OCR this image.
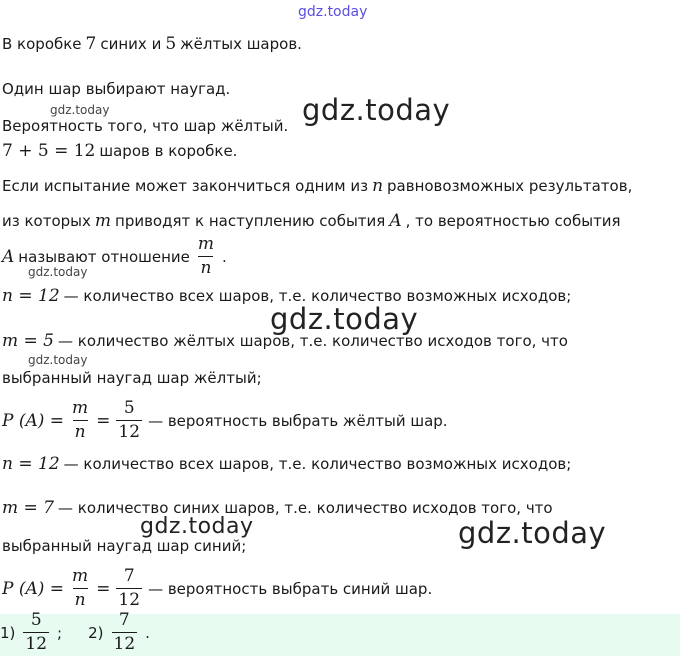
gdz.today
gdz.today	gdz.today
gdz.today
gdz.today
gdz.today
gdz.today	gdz.today
В коробке 7 синих и 5 жёлтых шаров.
Один шар выбирают наугад.
Вероятность того, что шар жёлтый.
7 + 5 = 12 шаров в коробке.
Если испытание может закончиться одним из n равновозможных результатов,
из которых m приводят к наступлению события A , то вероятностью события
A называют отношение $\frac{m}{n}$ .
n = 12 — количество всех шаров, т.е. количество возможных исходов;
m = 5 — количество жёлтых шаров, т.е. количество исходов того, что
выбранный наугад шар жёлтый;
P $(A) = \frac{m}{n} = \frac{5}{12}$ — вероятность выбрать жёлтый шар.
n = 12 — количество всех шаров, т.е. количество возможных исходов;
m = 7 — количество синих шаров, т.е. количество исходов того, что
выбранный наугад шар синий;
P $(A) = \frac{m}{n} = \frac{7}{12}$ — вероятность выбрать синий шар.
$1) \frac{5}{12}$ ; $2) \frac{7}{12}$ .
